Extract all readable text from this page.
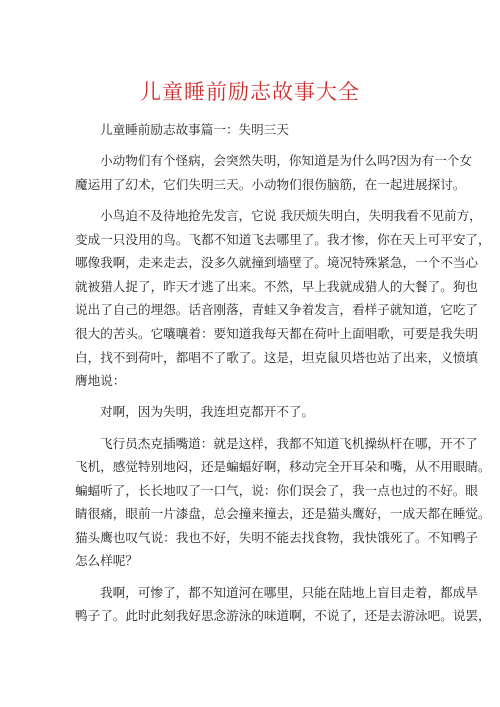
儿童睡前励志故事大全

儿童睡前励志故事篇一：失明三天

小动物们有个怪病，会突然失明，你知道是为什么吗?因为有一个女
魔运用了幻术，它们失明三天。小动物们很伤脑筋，在一起进展探讨。

小鸟迫不及待地抢先发言，它说 我厌烦失明白，失明我看不见前方，
变成一只没用的鸟。飞都不知道飞去哪里了。我才惨，你在天上可平安了，
哪像我啊，走来走去，没多久就撞到墙壁了。境况特殊紧急，一个不当心
就被猎人捉了，昨天才逃了出来。不然，早上我就成猎人的大餐了。狗也
说出了自己的埋怨。话音刚落，青蛙又争着发言，看样子就知道，它吃了
很大的苦头。它嚷嚷着：要知道我每天都在荷叶上面唱歌，可要是我失明
白，找不到荷叶，都唱不了歌了。这是，坦克鼠贝塔也站了出来，义愤填
膺地说：

对啊，因为失明，我连坦克都开不了。

飞行员杰克插嘴道：就是这样，我都不知道飞机操纵杆在哪，开不了
飞机，感觉特别地闷，还是蝙蝠好啊，移动完全开耳朵和嘴，从不用眼睛。
蝙蝠听了，长长地叹了一口气，说：你们误会了，我一点也过的不好。眼
睛很痛，眼前一片漆盘，总会撞来撞去，还是猫头鹰好，一成天都在睡觉。
猫头鹰也叹气说：我也不好，失明不能去找食物，我快饿死了。不知鸭子
怎么样呢？

我啊，可惨了，都不知道河在哪里，只能在陆地上盲目走着，都成旱
鸭子了。此时此刻我好思念游泳的味道啊，不说了，还是去游泳吧。说罢，
